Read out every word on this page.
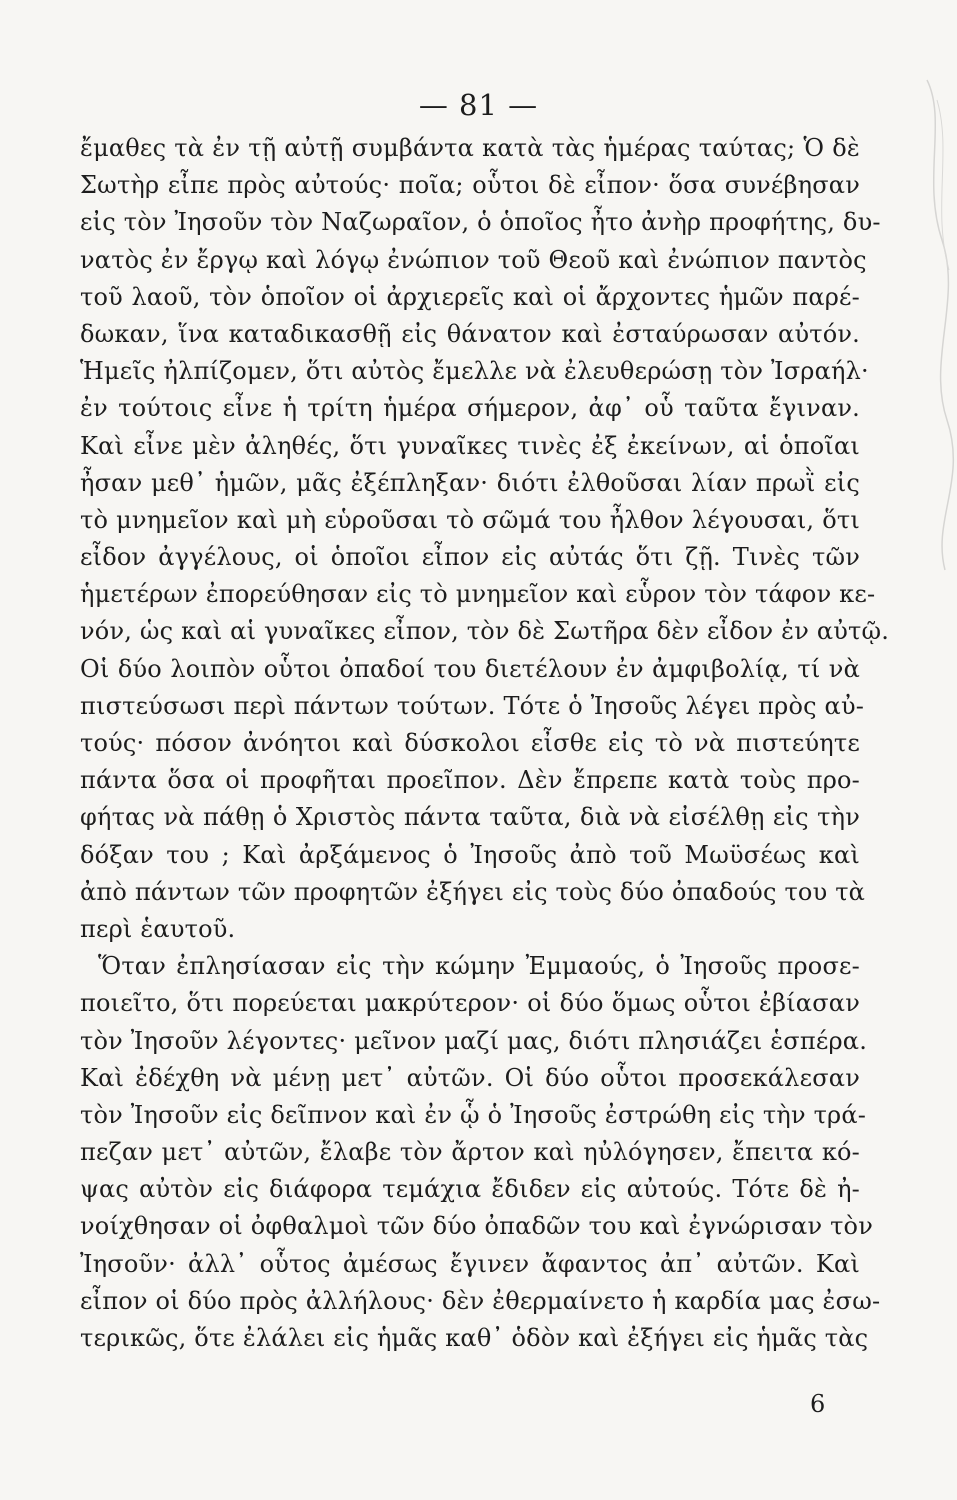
— 81 —
ἔμαθες τὰ ἐν τῇ αὐτῇ συμβάντα κατὰ τὰς ἡμέρας ταύτας; Ὁ δὲ
Σωτὴρ εἶπε πρὸς αὐτούς· ποῖα; οὗτοι δὲ εἶπον· ὅσα συνέβησαν
εἰς τὸν Ἰησοῦν τὸν Ναζωραῖον, ὁ ὁποῖος ἦτο ἀνὴρ προφήτης, δυ-
νατὸς ἐν ἔργῳ καὶ λόγῳ ἐνώπιον τοῦ Θεοῦ καὶ ἐνώπιον παντὸς
τοῦ λαοῦ, τὸν ὁποῖον οἱ ἀρχιερεῖς καὶ οἱ ἄρχοντες ἡμῶν παρέ-
δωκαν, ἵνα καταδικασθῇ εἰς θάνατον καὶ ἐσταύρωσαν αὐτόν.
Ἡμεῖς ἠλπίζομεν, ὅτι αὐτὸς ἔμελλε νὰ ἐλευθερώσῃ τὸν Ἰσραήλ·
ἐν τούτοις εἶνε ἡ τρίτη ἡμέρα σήμερον, ἀφ᾽ οὗ ταῦτα ἔγιναν.
Καὶ εἶνε μὲν ἀληθές, ὅτι γυναῖκες τινὲς ἐξ ἐκείνων, αἱ ὁποῖαι
ἦσαν μεθ᾽ ἡμῶν, μᾶς ἐξέπληξαν· διότι ἐλθοῦσαι λίαν πρωῒ εἰς
τὸ μνημεῖον καὶ μὴ εὑροῦσαι τὸ σῶμά του ἦλθον λέγουσαι, ὅτι
εἶδον ἀγγέλους, οἱ ὁποῖοι εἶπον εἰς αὐτάς ὅτι ζῇ. Τινὲς τῶν
ἡμετέρων ἐπορεύθησαν εἰς τὸ μνημεῖον καὶ εὗρον τὸν τάφον κε-
νόν, ὡς καὶ αἱ γυναῖκες εἶπον, τὸν δὲ Σωτῆρα δὲν εἶδον ἐν αὐτῷ.
Οἱ δύο λοιπὸν οὗτοι ὀπαδοί του διετέλουν ἐν ἀμφιβολίᾳ, τί νὰ
πιστεύσωσι περὶ πάντων τούτων. Τότε ὁ Ἰησοῦς λέγει πρὸς αὐ-
τούς· πόσον ἀνόητοι καὶ δύσκολοι εἶσθε εἰς τὸ νὰ πιστεύητε
πάντα ὅσα οἱ προφῆται προεῖπον. Δὲν ἔπρεπε κατὰ τοὺς προ-
φήτας νὰ πάθῃ ὁ Χριστὸς πάντα ταῦτα, διὰ νὰ εἰσέλθῃ εἰς τὴν
δόξαν του ; Καὶ ἀρξάμενος ὁ Ἰησοῦς ἀπὸ τοῦ Μωϋσέως καὶ
ἀπὸ πάντων τῶν προφητῶν ἐξήγει εἰς τοὺς δύο ὀπαδούς του τὰ
περὶ ἑαυτοῦ.
Ὅταν ἐπλησίασαν εἰς τὴν κώμην Ἐμμαούς, ὁ Ἰησοῦς προσε-
ποιεῖτο, ὅτι πορεύεται μακρύτερον· οἱ δύο ὅμως οὗτοι ἐβίασαν
τὸν Ἰησοῦν λέγοντες· μεῖνον μαζί μας, διότι πλησιάζει ἑσπέρα.
Καὶ ἐδέχθη νὰ μένῃ μετ᾽ αὐτῶν. Οἱ δύο οὗτοι προσεκάλεσαν
τὸν Ἰησοῦν εἰς δεῖπνον καὶ ἐν ᾧ ὁ Ἰησοῦς ἐστρώθη εἰς τὴν τρά-
πεζαν μετ᾽ αὐτῶν, ἔλαβε τὸν ἄρτον καὶ ηὐλόγησεν, ἔπειτα κό-
ψας αὐτὸν εἰς διάφορα τεμάχια ἔδιδεν εἰς αὐτούς. Τότε δὲ ἠ-
νοίχθησαν οἱ ὀφθαλμοὶ τῶν δύο ὀπαδῶν του καὶ ἐγνώρισαν τὸν
Ἰησοῦν· ἀλλ᾽ οὗτος ἀμέσως ἔγινεν ἄφαντος ἀπ᾽ αὐτῶν. Καὶ
εἶπον οἱ δύο πρὸς ἀλλήλους· δὲν ἐθερμαίνετο ἡ καρδία μας ἐσω-
τερικῶς, ὅτε ἐλάλει εἰς ἡμᾶς καθ᾽ ὁδὸν καὶ ἐξήγει εἰς ἡμᾶς τὰς
6
